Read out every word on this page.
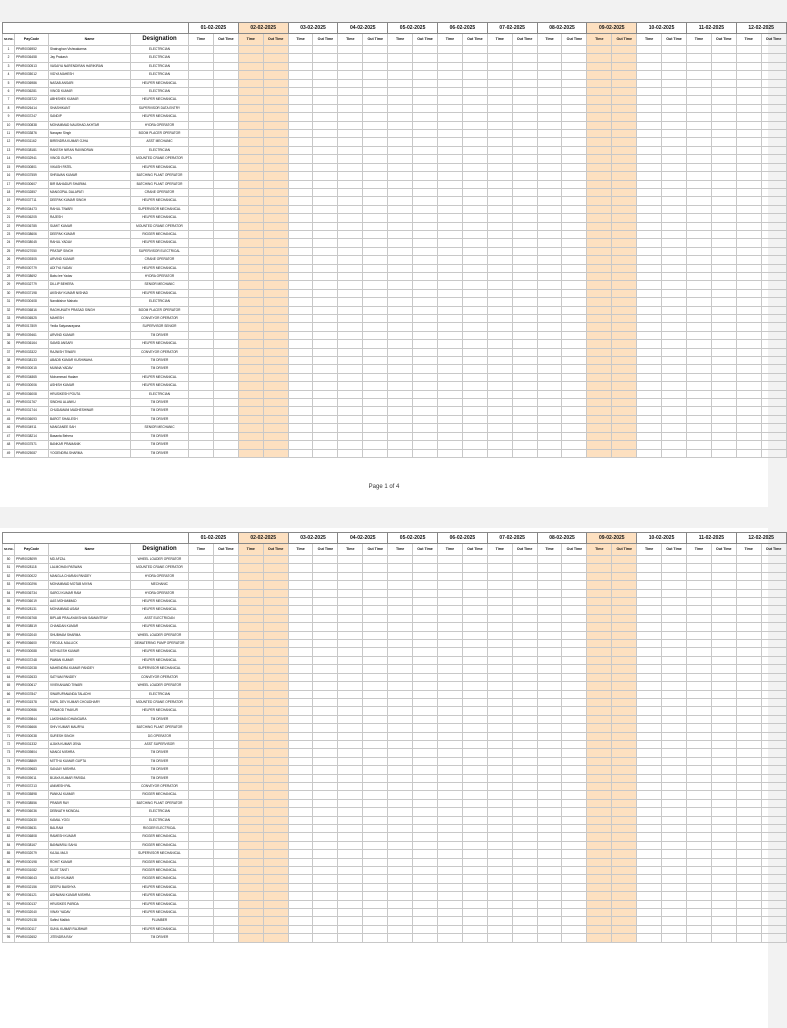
				01-02-2025		02-02-2025		03-02-2025		04-02-2025		05-02-2025		06-02-2025		07-02-2025		08-02-2025		09-02-2025		10-02-2025		11-02-2025		12-02-2025	
sr.no.	PayCode	Name	Designation	Time	Out Time	Time	Out Time	Time	Out Time	Time	Out Time	Time	Out Time	Time	Out Time	Time	Out Time	Time	Out Time	Time	Out Time	Time	Out Time	Time	Out Time	Time	Out Time
1	PP#R0036952	Shatrughan Vishwakarma	ELECTRICIAN																								
2	PP#R0036458	Jay Prakash	ELECTRICIAN																								
3	PP#R0030513	VASAIYA NARENDIRAN HARIKIRAN	ELECTRICIAN																								
4	PP#R0035012	VIDYA MAHESH	ELECTRICIAN																								
5	PP#R0036986	NASAB ANSARI	HELPER MECHANICAL																								
6	PP#R0036281	VINOD KUMAR	ELECTRICIAN																								
7	PP#R0035722	ABHISHEK KUMAR	HELPER MECHANICAL																								
8	PP#R0026414	SHASHIKANT	SUPERVISOR DATA ENTRY																								
9	PP#R0037247	SANDIP	HELPER MECHANICAL																								
10	PP#R0030838	MOHAMMAD NAUSHAD AKHTAR	HYDRA OPERATOR																								
11	PP#R0033876	Narayan Singh	BOOM PLACER OPERATOR																								
12	PP#R0031162	BIRENDRA KUMAR OJHA	ASST MECHANIC																								
13	PP#R0038181	RAKESH NIRAN RAVINDRAN	ELECTRICIAN																								
14	PP#R0032941	VINOD GUPTA	MOUNTED CRANE OPERATOR																								
15	PP#R0030801	VIKASH PATEL	HELPER MECHANICAL																								
16	PP#R0037559	SHRAVAN KUMAR	BATCHING PLANT OPERATOR																								
17	PP#R0030607	BIR BAHADUR SHARMA	BATCHING PLANT OPERATOR																								
18	PP#R0032857	MANGOPAL DALAPATI	CRANE OPERATOR																								
19	PP#R0037711	DEEPAK KUMAR SINGH	HELPER MECHANICAL																								
20	PP#R0034473	RAHUL TIWARI	SUPERVISOR MECHANICAL																								
21	PP#R0036205	RAJESH	HELPER MECHANICAL																								
22	PP#R0036785	SUMIT KUMAR	MOUNTED CRANE OPERATOR																								
23	PP#R0038606	DEEPAK KUMAR	RIGGER MECHANICAL																								
24	PP#R0038045	RAHUL YADAV	HELPER MECHANICAL																								
25	PP#R0027050	PRATAP SINGH	SUPERVISOR ELECTRICAL																								
26	PP#R0039305	ARVIND KUMAR	CRANE OPERATOR																								
27	PP#R0030779	ADITYA YADAV	HELPER MECHANICAL																								
28	PP#R0038692	Babu lee Yadav	HYDRA OPERATOR																								
29	PP#R0032779	DILLIP BEHERA	SENIOR MECHANIC																								
30	PP#R0037198	AKSHAY KUMAR NISHAD	HELPER MECHANICAL																								
31	PP#R0030408	Nandkishor Mahato	ELECTRICIAN																								
32	PP#R0036816	RAGHUNATH PRASAD SINGH	BOOM PLACER OPERATOR																								
33	PP#R0036525	MAHESH	CONVEYOR OPERATOR																								
34	PP#R0017809	Yedla Satyanarayana	SUPERVISOR SENIOR																								
35	PP#R0039461	ARVIND KUMAR	TM DRIVER																								
36	PP#R0036164	SAMID ANSARI	HELPER MECHANICAL																								
37	PP#R0033322	RAJNISH TIWARI	CONVEYOR OPERATOR																								
38	PP#R0038133	ABADB KUMAR KUSHWAHA	TM DRIVER																								
39	PP#R0030015	MUNNA YADAV	TM DRIVER																								
40	PP#R0034865	Mohammad Hadam	HELPER MECHANICAL																								
41	PP#R0030006	ASHISH KUMAR	HELPER MECHANICAL																								
42	PP#R0036008	HRUSIKESH POUTA	ELECTRICIAN																								
43	PP#R0031767	SINDHU ALANKU	TM DRIVER																								
44	PP#R0031744	CHUDAMANI MADHESHWAR	TM DRIVER																								
45	PP#R0036093	BAROT SHAILESH	TM DRIVER																								
46	PP#R0034911	MANGANEE SAH	SENIOR MECHANIC																								
47	PP#R0038214	Basanta Behera	TM DRIVER																								
48	PP#R0037571	BANKAR PRAMANIK	TM DRIVER																								
49	PP#R0025087	YOGENDRA SHARMA	TM DRIVER																								
Page 1 of 4
				01-02-2025		02-02-2025		03-02-2025		04-02-2025		05-02-2025		06-02-2025		07-02-2025		08-02-2025		09-02-2025		10-02-2025		11-02-2025		12-02-2025	
sr.no.	PayCode	Name	Designation	Time	Out Time	Time	Out Time	Time	Out Time	Time	Out Time	Time	Out Time	Time	Out Time	Time	Out Time	Time	Out Time	Time	Out Time	Time	Out Time	Time	Out Time	Time	Out Time
50	PP#R0028099	MD AFZAL	WHEEL LOADER OPERATOR																								
51	PP#R0028118	LALMOHAN PASWAN	MOUNTED CRANE OPERATOR																								
52	PP#R0030022	MANGLA CHARAN PANDEY	HYDRA OPERATOR																								
53	PP#R0030296	MOHAMMAD MOTAB MIYAN	MECHANIC																								
54	PP#R0036734	SAROJ KUMAR RAM	HYDRA OPERATOR																								
55	PP#R0036019	AAS MOHAMMAD	HELPER MECHANICAL																								
56	PP#R0028131	MOHAMMAD ASAM	HELPER MECHANICAL																								
57	PP#R0036768	BIPLAB PRALAYAKSHAN SAMANTRAY	ASST ELECTRICIAN																								
58	PP#R0038519	CHANDAN KUMAR	HELPER MECHANICAL																								
59	PP#R0032040	SHUBHAM SHARMA	WHEEL LOADER OPERATOR																								
60	PP#R0036600	FIROJUL MALLICK	DEWATERING PUMP OPERATOR																								
61	PP#R0030088	MITHILESH KUMAR	HELPER MECHANICAL																								
62	PP#R0037248	PAWAN KUMAR	HELPER MECHANICAL																								
63	PP#R0032038	MAHENDRA KUMAR PANDEY	SUPERVISOR MECHANICAL																								
64	PP#R0032633	SATYAM PANDEY	CONVEYOR OPERATOR																								
65	PP#R0030617	VIVEKANAND TIWARI	WHEEL LOADER OPERATOR																								
66	PP#R0037847	SWARUPANANDA TALADHI	ELECTRICIAN																								
67	PP#R0031578	KAPIL DEV KUMAR CHOUDHARY	MOUNTED CRANE OPERATOR																								
68	PP#R0030986	PRAMOD THAKUR	HELPER MECHANICAL																								
69	PP#R0039844	LAKSHMAN DHANGARA	TM DRIVER																								
70	PP#R0036666	SHIV KUMAR MAURYA	BATCHING PLANT OPERATOR																								
71	PP#R0030038	SURESH SINGH	DG OPERATOR																								
72	PP#R0031332	AJAYA KUMAR JENA	ASST SUPERVISOR																								
73	PP#R0039804	MANOJ MISHRA	TM DRIVER																								
74	PP#R0038869	MITTHU KUMAR GUPTA	TM DRIVER																								
75	PP#R0039683	SANJAY MISHRA	TM DRIVER																								
76	PP#R0039011	BIJAYA KUMAR PARIDA	TM DRIVER																								
77	PP#R0037213	ANIMESH PAL	CONVEYOR OPERATOR																								
78	PP#R0035898	PANKAJ KUMAR	RIGGER MECHANICAL																								
79	PP#R0038556	PRABIR RAY	BATCHING PLANT OPERATOR																								
80	PP#R0036036	DEBNATH MONDAL	ELECTRICIAN																								
81	PP#R0032630	KAMAL YOGI	ELECTRICIAN																								
82	PP#R0035631	BALRAM	RIGGER ELECTRICAL																								
83	PP#R0036808	RAMESH KUMAR	RIGGER MECHANICAL																								
84	PP#R0038167	BANWARILI SAHU	RIGGER MECHANICAL																								
85	PP#R0032079	KAJAL MAJI	SUPERVISOR MECHANICAL																								
86	PP#R0030198	ROHIT KUMAR	RIGGER MECHANICAL																								
87	PP#R0031082	SUJIT TANTI	RIGGER MECHANICAL																								
88	PP#R0036043	NILESH KUMAR	RIGGER MECHANICAL																								
89	PP#R0032156	DEEPU BAISHYA	HELPER MECHANICAL																								
90	PP#R0036121	ASHWANI KUMAR MISHRA	HELPER MECHANICAL																								
91	PP#R0030137	HRUSIKES PARIDA	HELPER MECHANICAL																								
92	PP#R0032040	VINAY YADAV	HELPER MECHANICAL																								
93	PP#R0029138	Safirul Mallick	PLUMBER																								
94	PP#R0030117	SUNIL KUMAR RAJBHAR	HELPER MECHANICAL																								
95	PP#R0032652	JITENDRA RAY	TM DRIVER																								
